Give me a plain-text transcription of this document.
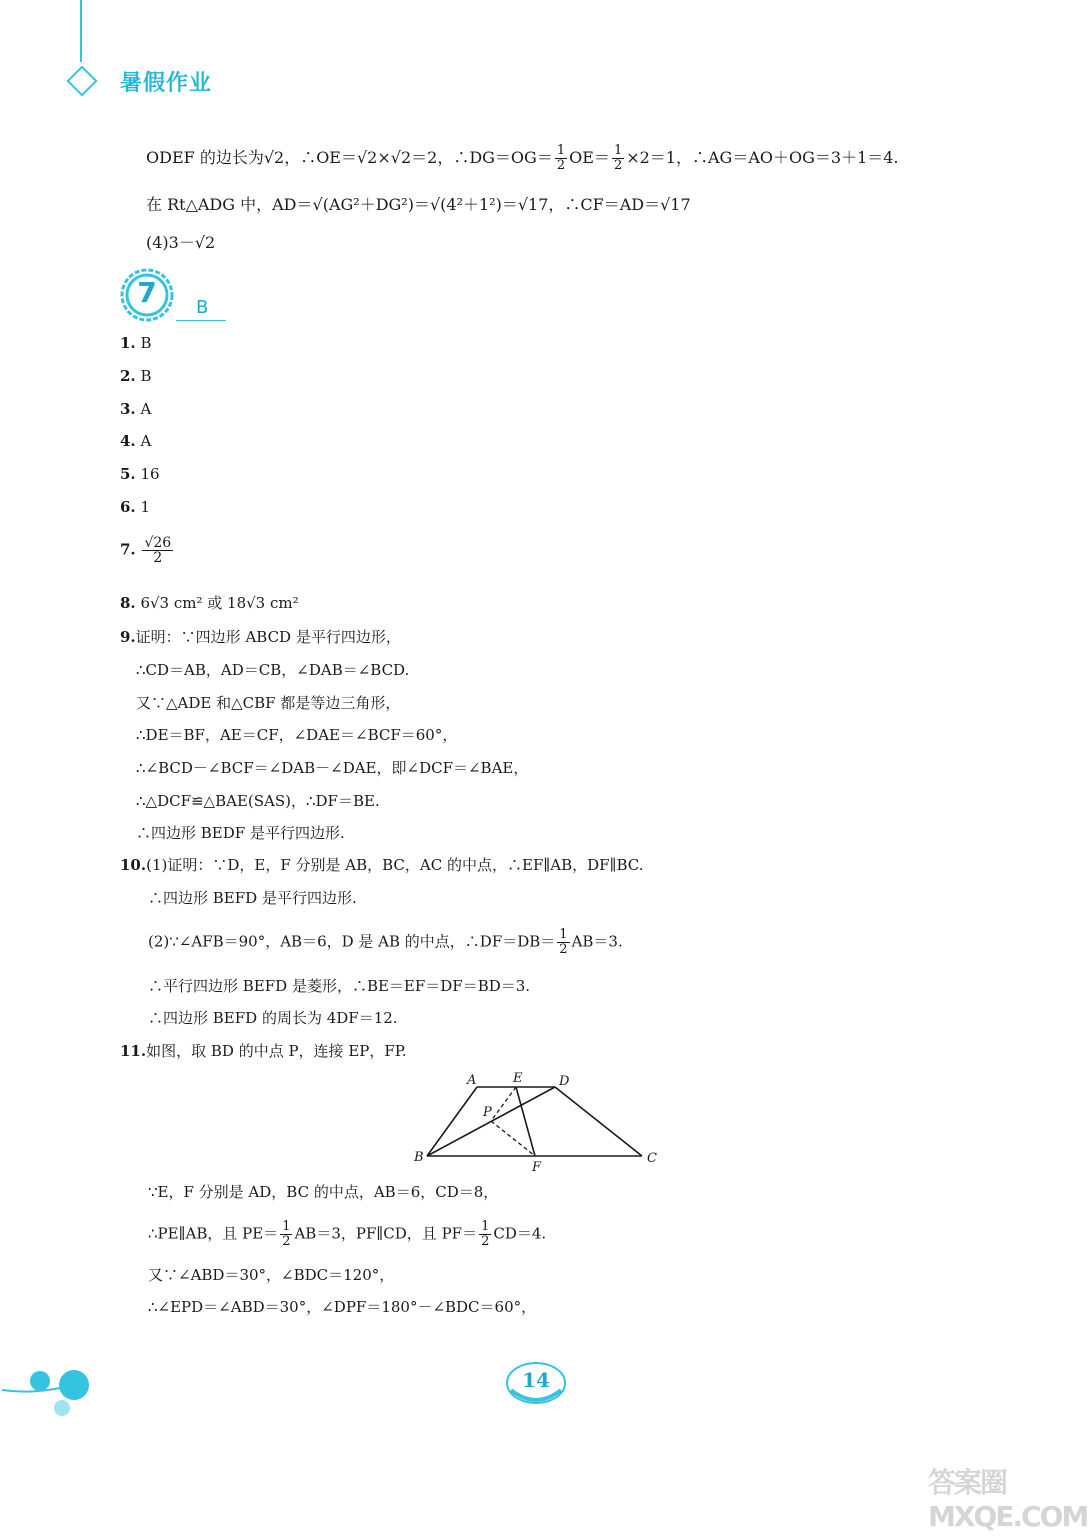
暑假作业
ODEF 的边长为√2，∴OE＝√2×√2＝2，∴DG＝OG＝ $\frac{1}{2} OE= \frac{1}{2} \times 2=1$，∴AG＝AO＋OG＝3＋1＝4.
在 Rt△ADG 中，AD＝√(AG²＋DG²)＝√(4²＋1²)＝√17，∴CF＝AD＝√17
(4)3－√2
7	B
1. B
2. B
3. A
4. A
5. 16
6. 1
7. $\frac{√26}{2}$
8. 6√3 cm² 或 18√3 cm²
9.证明：∵四边形 ABCD 是平行四边形，
∴CD＝AB，AD＝CB，∠DAB＝∠BCD.
又∵△ADE 和△CBF 都是等边三角形，
∴DE＝BF，AE＝CF，∠DAE＝∠BCF＝60°，
∴∠BCD－∠BCF＝∠DAB－∠DAE，即∠DCF＝∠BAE，
∴△DCF≌△BAE(SAS)，∴DF＝BE.
∴四边形 BEDF 是平行四边形.
10.(1)证明：∵D，E，F 分别是 AB，BC，AC 的中点，∴EF∥AB，DF∥BC.
∴四边形 BEFD 是平行四边形.
(2)∵∠AFB＝90°，AB＝6，D 是 AB 的中点，∴DF＝DB＝ $\frac{1}{2} AB=3$.
∴平行四边形 BEFD 是菱形，∴BE＝EF＝DF＝BD＝3.
∴四边形 BEFD 的周长为 4DF＝12.
11.如图，取 BD 的中点 P，连接 EP，FP.
A	E	D
P
B
F
C
∵E，F 分别是 AD，BC 的中点，AB＝6，CD＝8，
∴PE∥AB，且 $PE= \frac{1}{2} AB=3$，PF∥CD，且 $PF= \frac{1}{2} CD=4$.
又∵∠ABD＝30°，∠BDC＝120°，
∴∠EPD＝∠ABD＝30°，∠DPF＝180°－∠BDC＝60°，
14
答案圈 MXQE.COM
